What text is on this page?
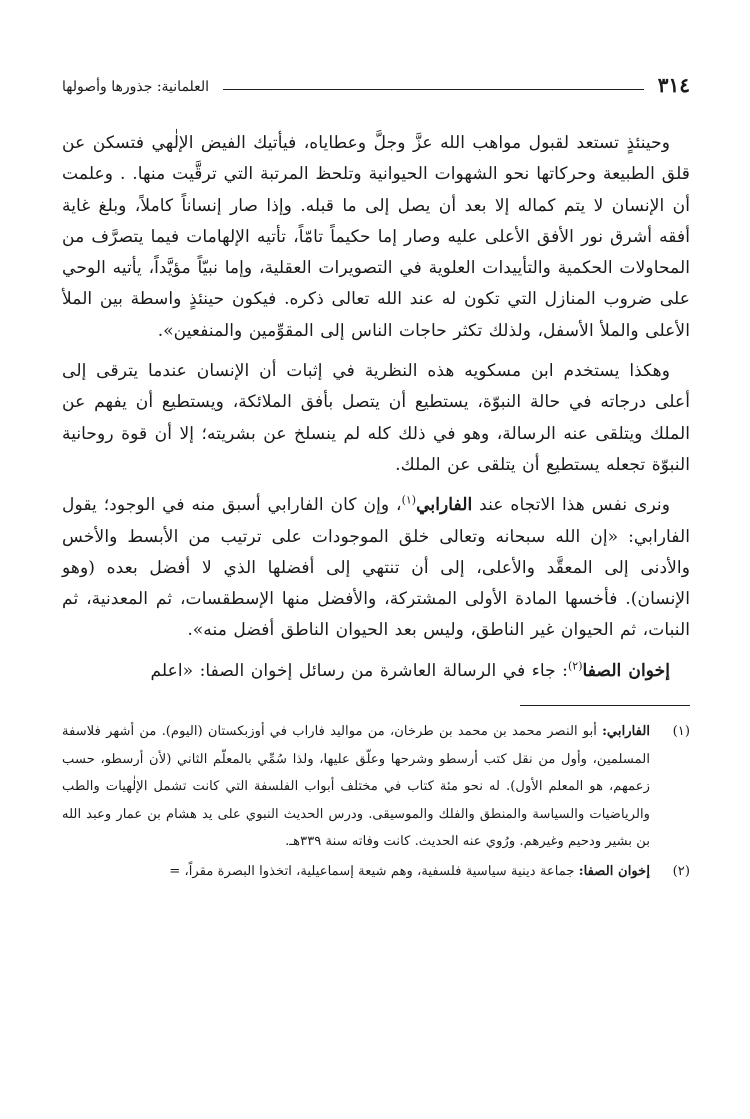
٣١٤
العلمانية: جذورها وأصولها

وحينئذٍ تستعد لقبول مواهب الله عزَّ وجلَّ وعطاياه، فيأتيك الفيض الإلٰهي فتسكن عن قلق الطبيعة وحركاتها نحو الشهوات الحيوانية وتلحظ المرتبة التي ترقَّيت منها. . وعلمت أن الإنسان لا يتم كماله إلا بعد أن يصل إلى ما قبله. وإذا صار إنساناً كاملاً، وبلغ غاية أفقه أشرق نور الأفق الأعلى عليه وصار إما حكيماً تامّاً، تأتيه الإلهامات فيما يتصرَّف من المحاولات الحكمية والتأييدات العلوية في التصويرات العقلية، وإما نبيّاً مؤيَّداً، يأتيه الوحي على ضروب المنازل التي تكون له عند الله تعالى ذكره. فيكون حينئذٍ واسطة بين الملأ الأعلى والملأ الأسفل، ولذلك تكثر حاجات الناس إلى المقوِّمين والمنفعين».

وهكذا يستخدم ابن مسكويه هذه النظرية في إثبات أن الإنسان عندما يترقى إلى أعلى درجاته في حالة النبوّة، يستطيع أن يتصل بأفق الملائكة، ويستطيع أن يفهم عن الملك ويتلقى عنه الرسالة، وهو في ذلك كله لم ينسلخ عن بشريته؛ إلا أن قوة روحانية النبوّة تجعله يستطيع أن يتلقى عن الملك.

ونرى نفس هذا الاتجاه عند الفارابي$^{(١)}$، وإن كان الفارابي أسبق منه في الوجود؛ يقول الفارابي: «إن الله سبحانه وتعالى خلق الموجودات على ترتيب من الأبسط والأخس والأدنى إلى المعقَّد والأعلى، إلى أن تنتهي إلى أفضلها الذي لا أفضل بعده (وهو الإنسان). فأخسها المادة الأولى المشتركة، والأفضل منها الإسطقسات، ثم المعدنية، ثم النبات، ثم الحيوان غير الناطق، وليس بعد الحيوان الناطق أفضل منه».

إخوان الصفا$^{(٢)}$: جاء في الرسالة العاشرة من رسائل إخوان الصفا: «اعلم

(١)
الفارابي: أبو النصر محمد بن محمد بن طرخان، من مواليد فاراب في أوزبكستان (اليوم). من أشهر فلاسفة المسلمين، وأول من نقل كتب أرسطو وشرحها وعلّق عليها، ولذا سُمِّي بالمعلّم الثاني (لأن أرسطو، حسب زعمهم، هو المعلم الأول). له نحو مئة كتاب في مختلف أبواب الفلسفة التي كانت تشمل الإلٰهيات والطب والرياضيات والسياسة والمنطق والفلك والموسيقى. ودرس الحديث النبوي على يد هشام بن عمار وعبد الله بن بشير ودحيم وغيرهم. ورُوي عنه الحديث. كانت وفاته سنة ٣٣٩هـ.
(٢)
إخوان الصفا: جماعة دينية سياسية فلسفية، وهم شيعة إسماعيلية، اتخذوا البصرة مقراً، =
